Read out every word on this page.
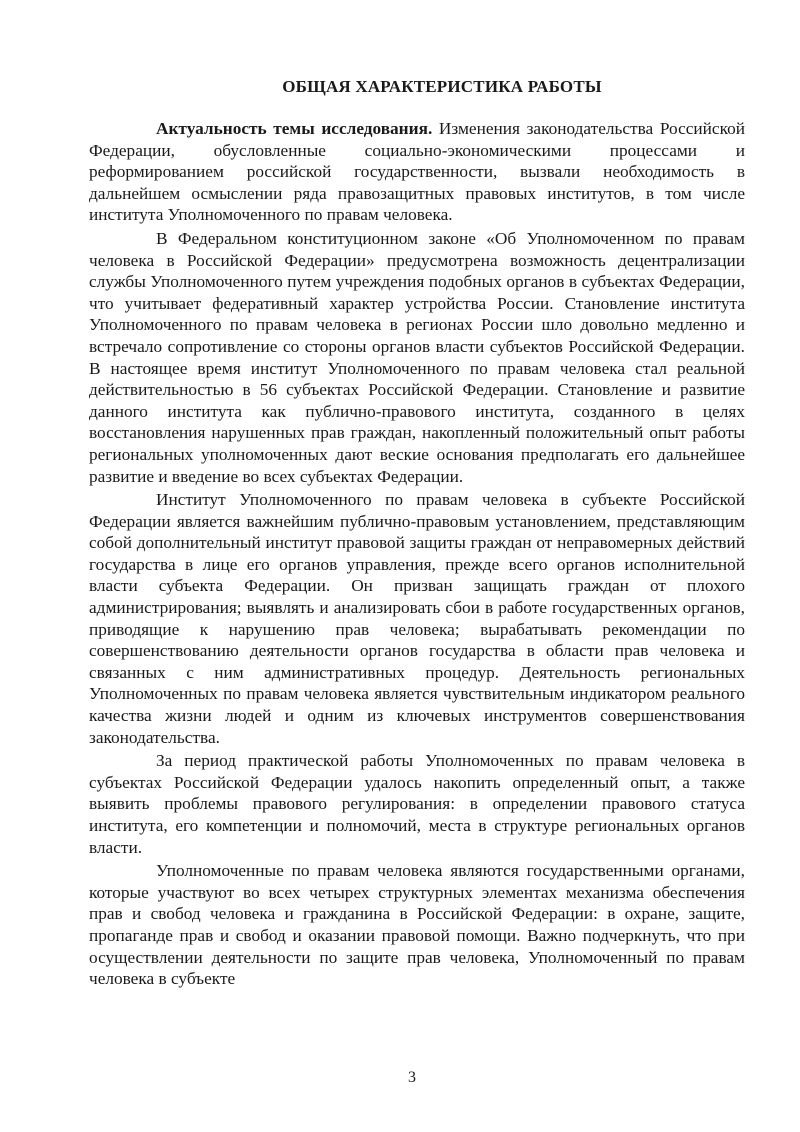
ОБЩАЯ ХАРАКТЕРИСТИКА РАБОТЫ

Актуальность темы исследования. Изменения законодательства Российской Федерации, обусловленные социально-экономическими процессами и реформированием российской государственности, вызвали необходимость в дальнейшем осмыслении ряда правозащитных правовых институтов, в том числе института Уполномоченного по правам человека.

В Федеральном конституционном законе «Об Уполномоченном по правам человека в Российской Федерации» предусмотрена возможность децентрализации службы Уполномоченного путем учреждения подобных органов в субъектах Федерации, что учитывает федеративный характер устройства России. Становление института Уполномоченного по правам человека в регионах России шло довольно медленно и встречало сопротивление со стороны органов власти субъектов Российской Федерации. В настоящее время институт Уполномоченного по правам человека стал реальной действительностью в 56 субъектах Российской Федерации. Становление и развитие данного института как публично-правового института, созданного в целях восстановления нарушенных прав граждан, накопленный положительный опыт работы региональных уполномоченных дают веские основания предполагать его дальнейшее развитие и введение во всех субъектах Федерации.

Институт Уполномоченного по правам человека в субъекте Российской Федерации является важнейшим публично-правовым установлением, представляющим собой дополнительный институт правовой защиты граждан от неправомерных действий государства в лице его органов управления, прежде всего органов исполнительной власти субъекта Федерации. Он призван защищать граждан от плохого администрирования; выявлять и анализировать сбои в работе государственных органов, приводящие к нарушению прав человека; вырабатывать рекомендации по совершенствованию деятельности органов государства в области прав человека и связанных с ним административных процедур. Деятельность региональных Уполномоченных по правам человека является чувствительным индикатором реального качества жизни людей и одним из ключевых инструментов совершенствования законодательства.

За период практической работы Уполномоченных по правам человека в субъектах Российской Федерации удалось накопить определенный опыт, а также выявить проблемы правового регулирования: в определении правового статуса института, его компетенции и полномочий, места в структуре региональных органов власти.

Уполномоченные по правам человека являются государственными органами, которые участвуют во всех четырех структурных элементах механизма обеспечения прав и свобод человека и гражданина в Российской Федерации: в охране, защите, пропаганде прав и свобод и оказании правовой помощи. Важно подчеркнуть, что при осуществлении деятельности по защите прав человека, Уполномоченный по правам человека в субъекте

3
